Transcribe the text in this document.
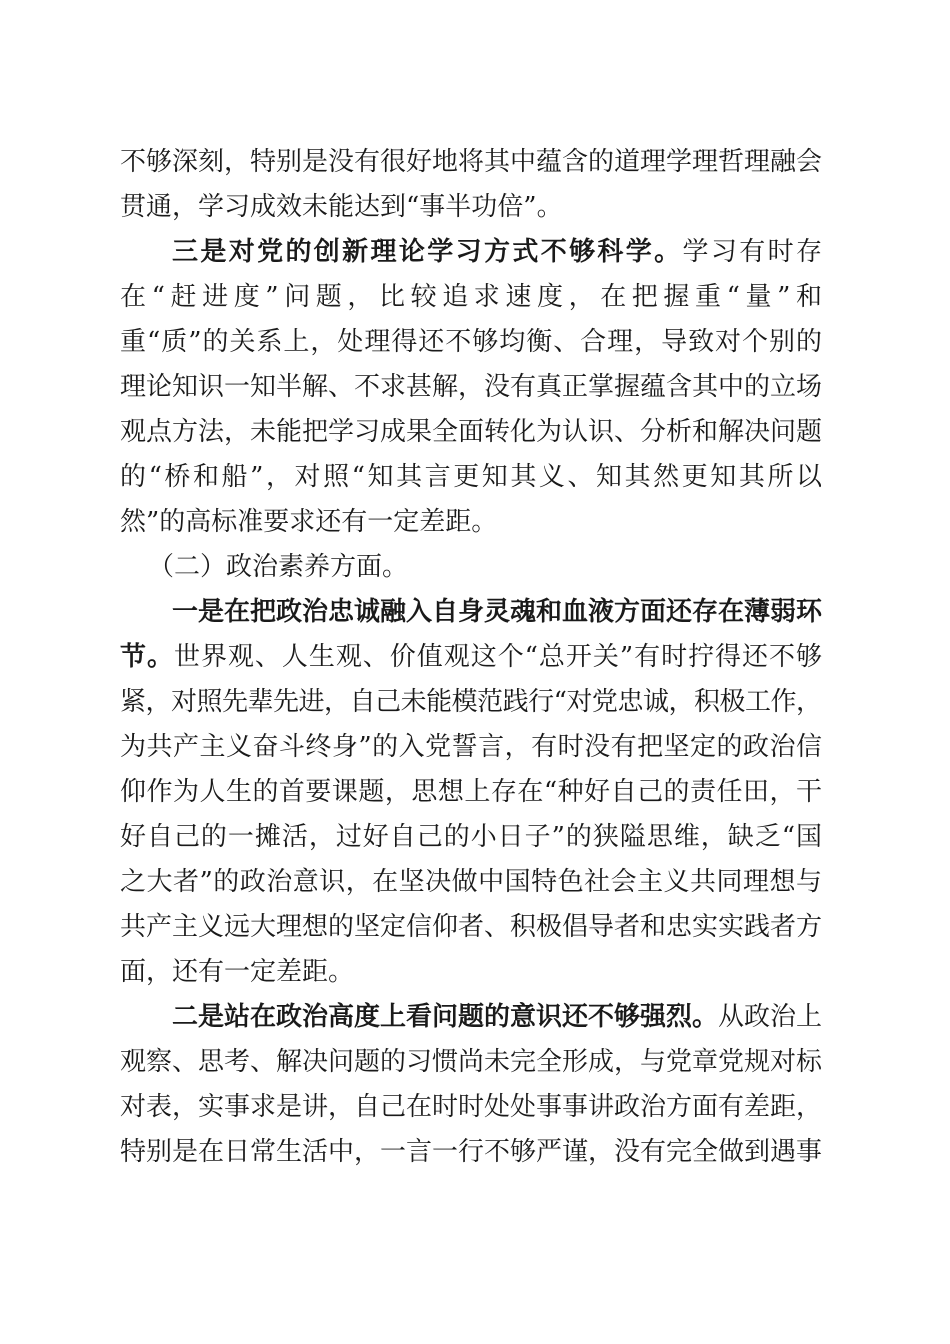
不够深刻，特别是没有很好地将其中蕴含的道理学理哲理融会
贯通，学习成效未能达到“事半功倍”。
三是对党的创新理论学习方式不够科学。学习有时存
在“赶进度”问题，比较追求速度，在把握重“量”和
重“质”的关系上，处理得还不够均衡、合理，导致对个别的
理论知识一知半解、不求甚解，没有真正掌握蕴含其中的立场
观点方法，未能把学习成果全面转化为认识、分析和解决问题
的“桥和船”，对照“知其言更知其义、知其然更知其所以
然”的高标准要求还有一定差距。
（二）政治素养方面。
一是在把政治忠诚融入自身灵魂和血液方面还存在薄弱环
节。世界观、人生观、价值观这个“总开关”有时拧得还不够
紧，对照先辈先进，自己未能模范践行“对党忠诚，积极工作，
为共产主义奋斗终身”的入党誓言，有时没有把坚定的政治信
仰作为人生的首要课题，思想上存在“种好自己的责任田，干
好自己的一摊活，过好自己的小日子”的狭隘思维，缺乏“国
之大者”的政治意识，在坚决做中国特色社会主义共同理想与
共产主义远大理想的坚定信仰者、积极倡导者和忠实实践者方
面，还有一定差距。
二是站在政治高度上看问题的意识还不够强烈。从政治上
观察、思考、解决问题的习惯尚未完全形成，与党章党规对标
对表，实事求是讲，自己在时时处处事事讲政治方面有差距，
特别是在日常生活中，一言一行不够严谨，没有完全做到遇事
